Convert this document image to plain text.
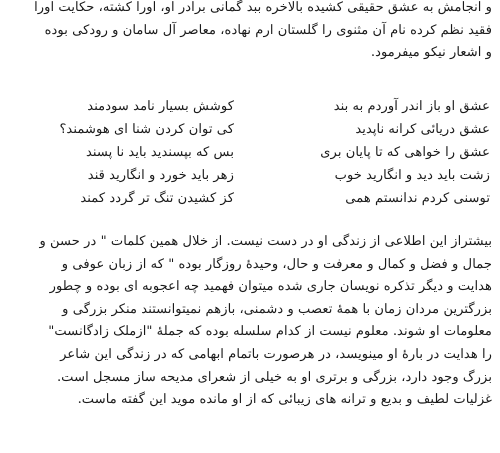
و انجامش به عشق حقیقی کشیده بالاخره ببد گمانی برادر او، اورا کشته، حکایت اورا
فقید نظم کرده نام آن مثنوی را گلستان ارم نهاده، معاصر آل سامان و رودکی بوده
و اشعار نیکو میفرمود.
عشق او باز اندر آوردم به بند
کوشش بسیار نامد سودمند
عشق دریائی کرانه ناپدید
کی توان کردن شنا ای هوشمند؟
عشق را خواهی که تا پایان بری
بس که بپسندید باید نا پسند
زشت باید دید و انگارید خوب
زهر باید خورد و انگارید قند
توسنی کردم ندانستم همی
کز کشیدن تنگ تر گردد کمند
بیشتراز این اطلاعی از زندگی او در دست نیست. از خلال همین کلمات " در حسن و
جمال و فضل و کمال و معرفت و حال، وحیدۀ روزگار بوده " که از زبان عوفی و
هدایت و دیگر تذکره نویسان جاری شده میتوان فهمید چه اعجوبه ای بوده و چطور
بزرگترین مردان زمان با همۀ تعصب و دشمنی، بازهم نمیتوانستند منکر بزرگی و
معلومات او شوند. معلوم نیست از کدام سلسله بوده که جملۀ "ازملک زادگانست"
را هدایت در بارۀ او مینویسد، در هرصورت باتمام ابهامی که در زندگی این شاعر
بزرگ وجود دارد، بزرگی و برتری او به خیلی از شعرای مدیحه ساز مسجل است.
غزلیات لطیف و بدیع و ترانه های زیبائی که از او مانده موید این گفته ماست.
